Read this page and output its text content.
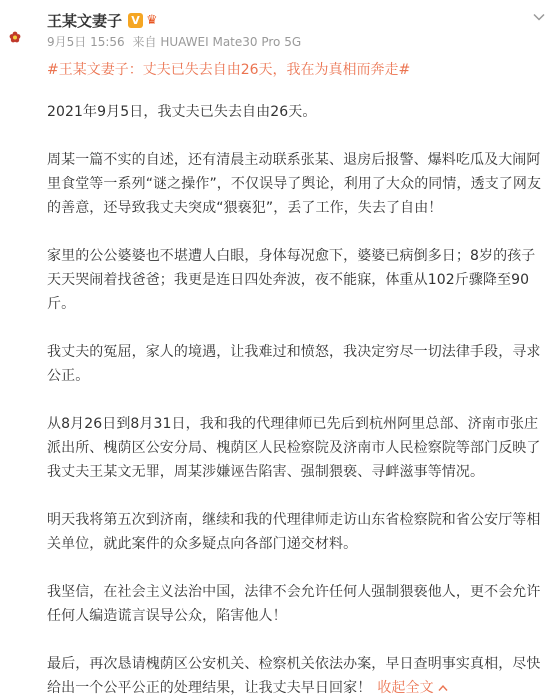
王某文妻子 V ♛
9月5日 15:56 来自 HUAWEI Mate30 Pro 5G
#王某文妻子：丈夫已失去自由26天，我在为真相而奔走#

2021年9月5日，我丈夫已失去自由26天。

周某一篇不实的自述，还有清晨主动联系张某、退房后报警、爆料吃瓜及大闹阿里食堂等一系列“谜之操作”，不仅误导了舆论，利用了大众的同情，透支了网友的善意，还导致我丈夫突成“猥亵犯”，丢了工作，失去了自由！

家里的公公婆婆也不堪遭人白眼，身体每况愈下，婆婆已病倒多日；8岁的孩子天天哭闹着找爸爸；我更是连日四处奔波，夜不能寐，体重从102斤骤降至90斤。

我丈夫的冤屈，家人的境遇，让我难过和愤怒，我决定穷尽一切法律手段，寻求公正。

从8月26日到8月31日，我和我的代理律师已先后到杭州阿里总部、济南市张庄派出所、槐荫区公安分局、槐荫区人民检察院及济南市人民检察院等部门反映了我丈夫王某文无罪，周某涉嫌诬告陷害、强制猥亵、寻衅滋事等情况。

明天我将第五次到济南，继续和我的代理律师走访山东省检察院和省公安厅等相关单位，就此案件的众多疑点向各部门递交材料。

我坚信，在社会主义法治中国，法律不会允许任何人强制猥亵他人，更不会允许任何人编造谎言误导公众，陷害他人！

最后，再次恳请槐荫区公安机关、检察机关依法办案，早日查明事实真相，尽快给出一个公平公正的处理结果，让我丈夫早日回家！ 收起全文
